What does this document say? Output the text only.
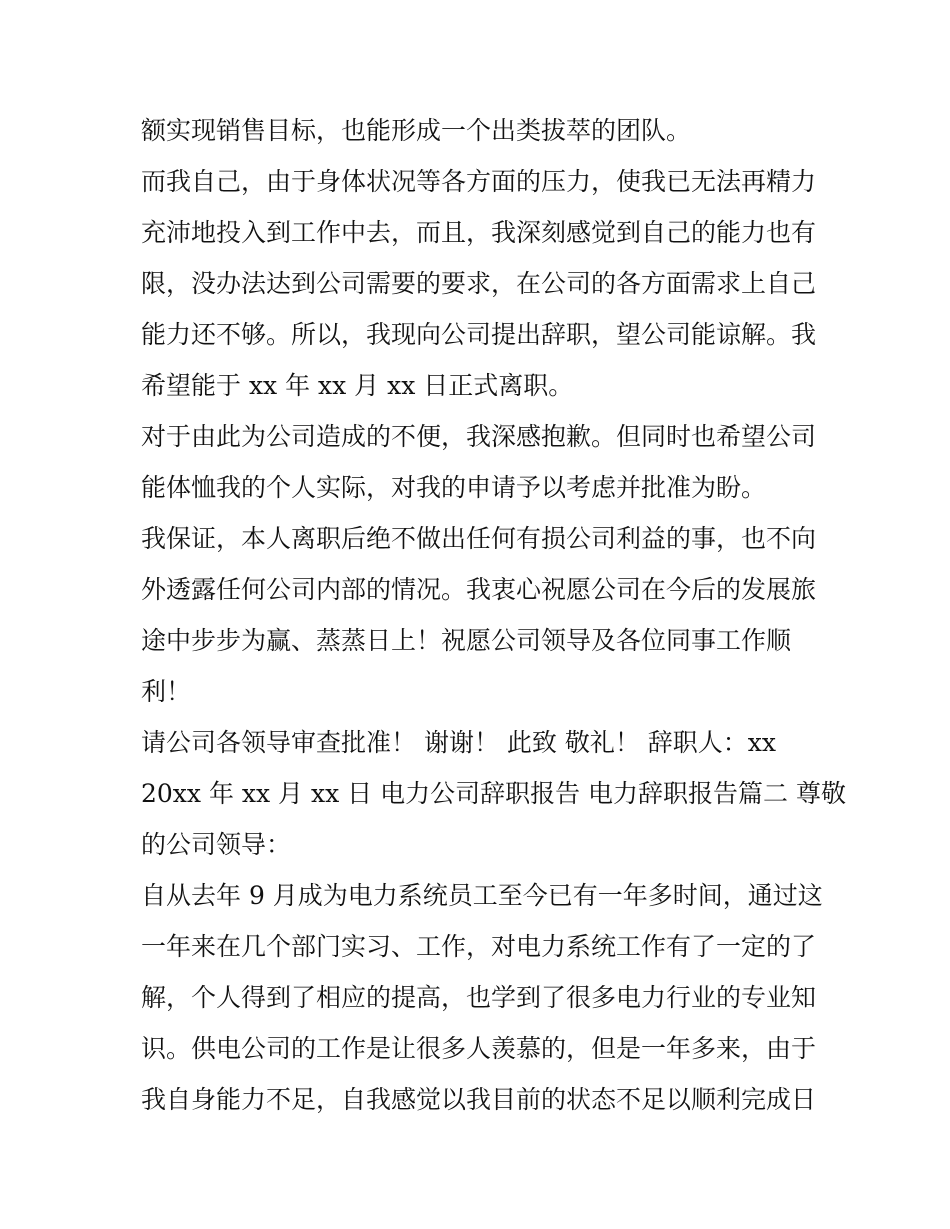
额实现销售目标，也能形成一个出类拔萃的团队。
而我自己，由于身体状况等各方面的压力，使我已无法再精力
充沛地投入到工作中去，而且，我深刻感觉到自己的能力也有
限，没办法达到公司需要的要求，在公司的各方面需求上自己
能力还不够。所以，我现向公司提出辞职，望公司能谅解。我
希望能于 xx 年 xx 月 xx 日正式离职。
对于由此为公司造成的不便，我深感抱歉。但同时也希望公司
能体恤我的个人实际，对我的申请予以考虑并批准为盼。
我保证，本人离职后绝不做出任何有损公司利益的事，也不向
外透露任何公司内部的情况。我衷心祝愿公司在今后的发展旅
途中步步为赢、蒸蒸日上！祝愿公司领导及各位同事工作顺
利！
请公司各领导审查批准！ 谢谢！ 此致 敬礼！ 辞职人：xx
20xx 年 xx 月 xx 日 电力公司辞职报告 电力辞职报告篇二 尊敬
的公司领导：
自从去年 9 月成为电力系统员工至今已有一年多时间，通过这
一年来在几个部门实习、工作，对电力系统工作有了一定的了
解，个人得到了相应的提高，也学到了很多电力行业的专业知
识。供电公司的工作是让很多人羡慕的，但是一年多来，由于
我自身能力不足，自我感觉以我目前的状态不足以顺利完成日
